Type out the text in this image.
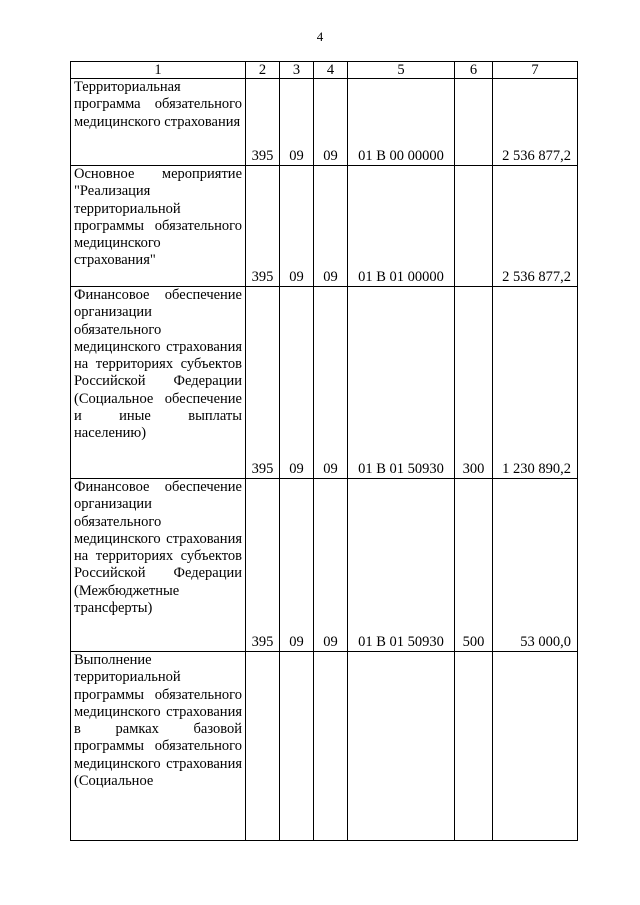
4
1	2	3	4	5	6	7
Территориальная программа обязательного медицинского страхования	395	09	09	01 В 00 00000		2 536 877,2
Основное мероприятие "Реализация территориальной программы обязательного медицинского страхования"	395	09	09	01 В 01 00000		2 536 877,2
Финансовое обеспечение организации обязательного медицинского страхования на территориях субъектов Российской Федерации (Социальное обеспечение и иные выплаты населению)	395	09	09	01 В 01 50930	300	1 230 890,2
Финансовое обеспечение организации обязательного медицинского страхования на территориях субъектов Российской Федерации (Межбюджетные трансферты)	395	09	09	01 В 01 50930	500	53 000,0
Выполнение территориальной программы обязательного медицинского страхования в рамках базовой программы обязательного медицинского страхования (Социальное						
